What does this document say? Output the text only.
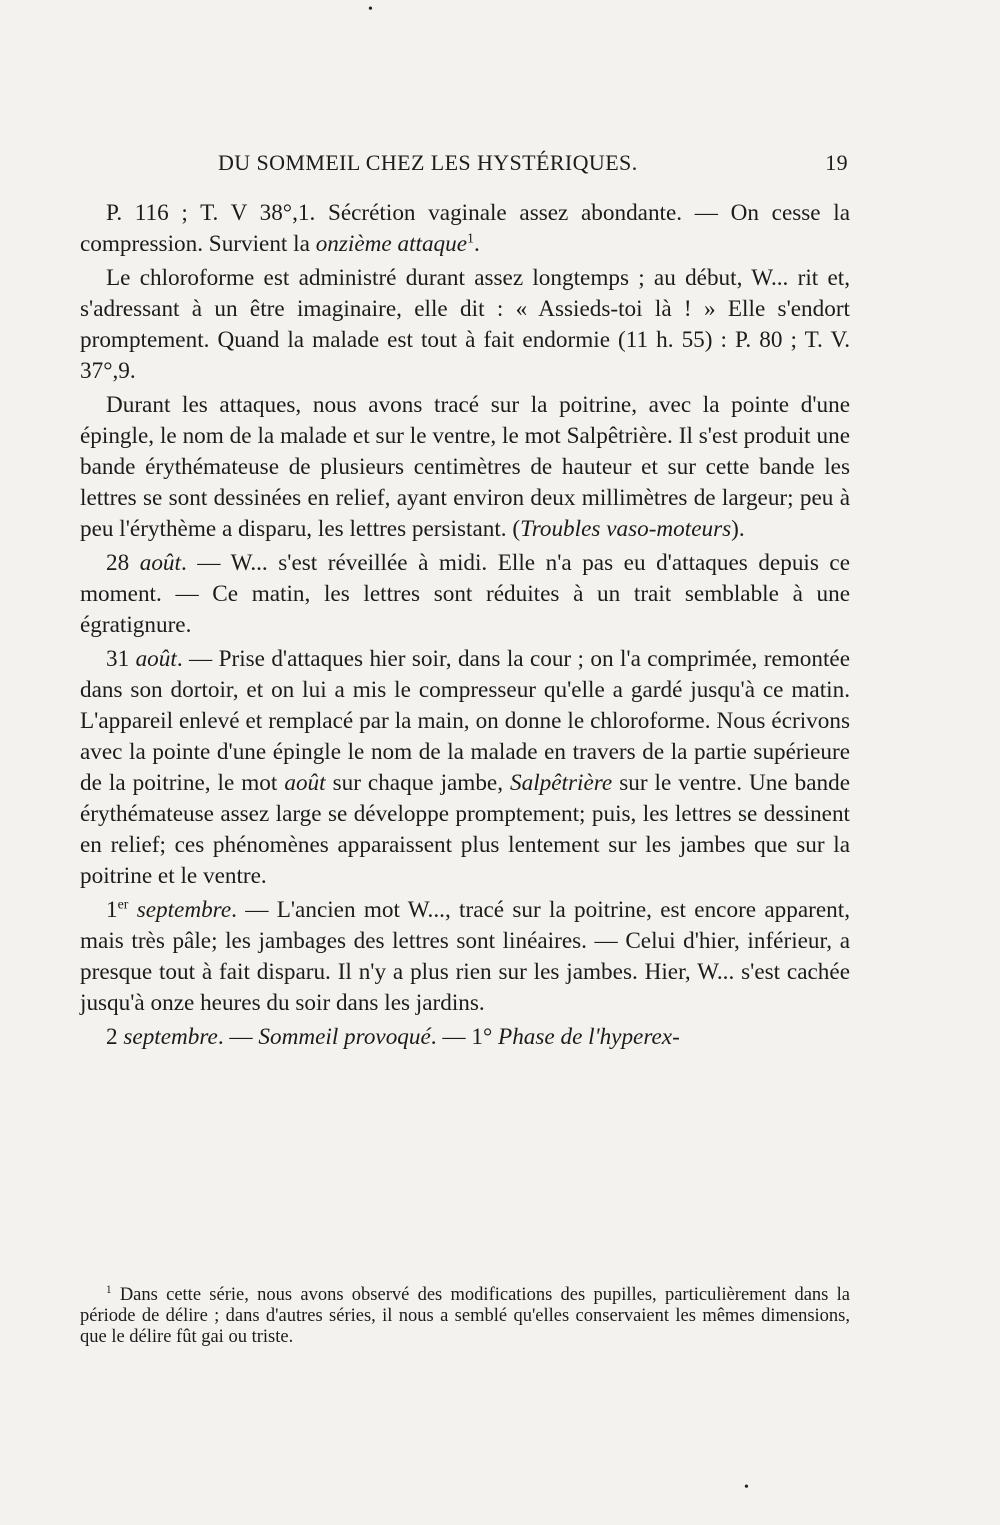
•
DU SOMMEIL CHEZ LES HYSTÉRIQUES.	19

P. 116 ; T. V 38°,1. Sécrétion vaginale assez abondante. — On cesse la compression. Survient la onzième attaque$^1$.

Le chloroforme est administré durant assez longtemps ; au début, W... rit et, s'adressant à un être imaginaire, elle dit : « Assieds-toi là ! » Elle s'endort promptement. Quand la malade est tout à fait endormie (11 h. 55) : P. 80 ; T. V. 37°,9.

Durant les attaques, nous avons tracé sur la poitrine, avec la pointe d'une épingle, le nom de la malade et sur le ventre, le mot Salpêtrière. Il s'est produit une bande érythémateuse de plusieurs centimètres de hauteur et sur cette bande les lettres se sont dessinées en relief, ayant environ deux millimètres de largeur; peu à peu l'érythème a disparu, les lettres persistant. (Troubles vaso-moteurs).

28 août. — W... s'est réveillée à midi. Elle n'a pas eu d'attaques depuis ce moment. — Ce matin, les lettres sont réduites à un trait semblable à une égratignure.

31 août. — Prise d'attaques hier soir, dans la cour ; on l'a comprimée, remontée dans son dortoir, et on lui a mis le compresseur qu'elle a gardé jusqu'à ce matin. L'appareil enlevé et remplacé par la main, on donne le chloroforme. Nous écrivons avec la pointe d'une épingle le nom de la malade en travers de la partie supérieure de la poitrine, le mot août sur chaque jambe, Salpêtrière sur le ventre. Une bande érythémateuse assez large se développe promptement; puis, les lettres se dessinent en relief; ces phénomènes apparaissent plus lentement sur les jambes que sur la poitrine et le ventre.

1er septembre. — L'ancien mot W..., tracé sur la poitrine, est encore apparent, mais très pâle; les jambages des lettres sont linéaires. — Celui d'hier, inférieur, a presque tout à fait disparu. Il n'y a plus rien sur les jambes. Hier, W... s'est cachée jusqu'à onze heures du soir dans les jardins.

2 septembre. — Sommeil provoqué. — 1° Phase de l'hyperex-

$^1$ Dans cette série, nous avons observé des modifications des pupilles, particulièrement dans la période de délire ; dans d'autres séries, il nous a semblé qu'elles conservaient les mêmes dimensions, que le délire fût gai ou triste.
•
